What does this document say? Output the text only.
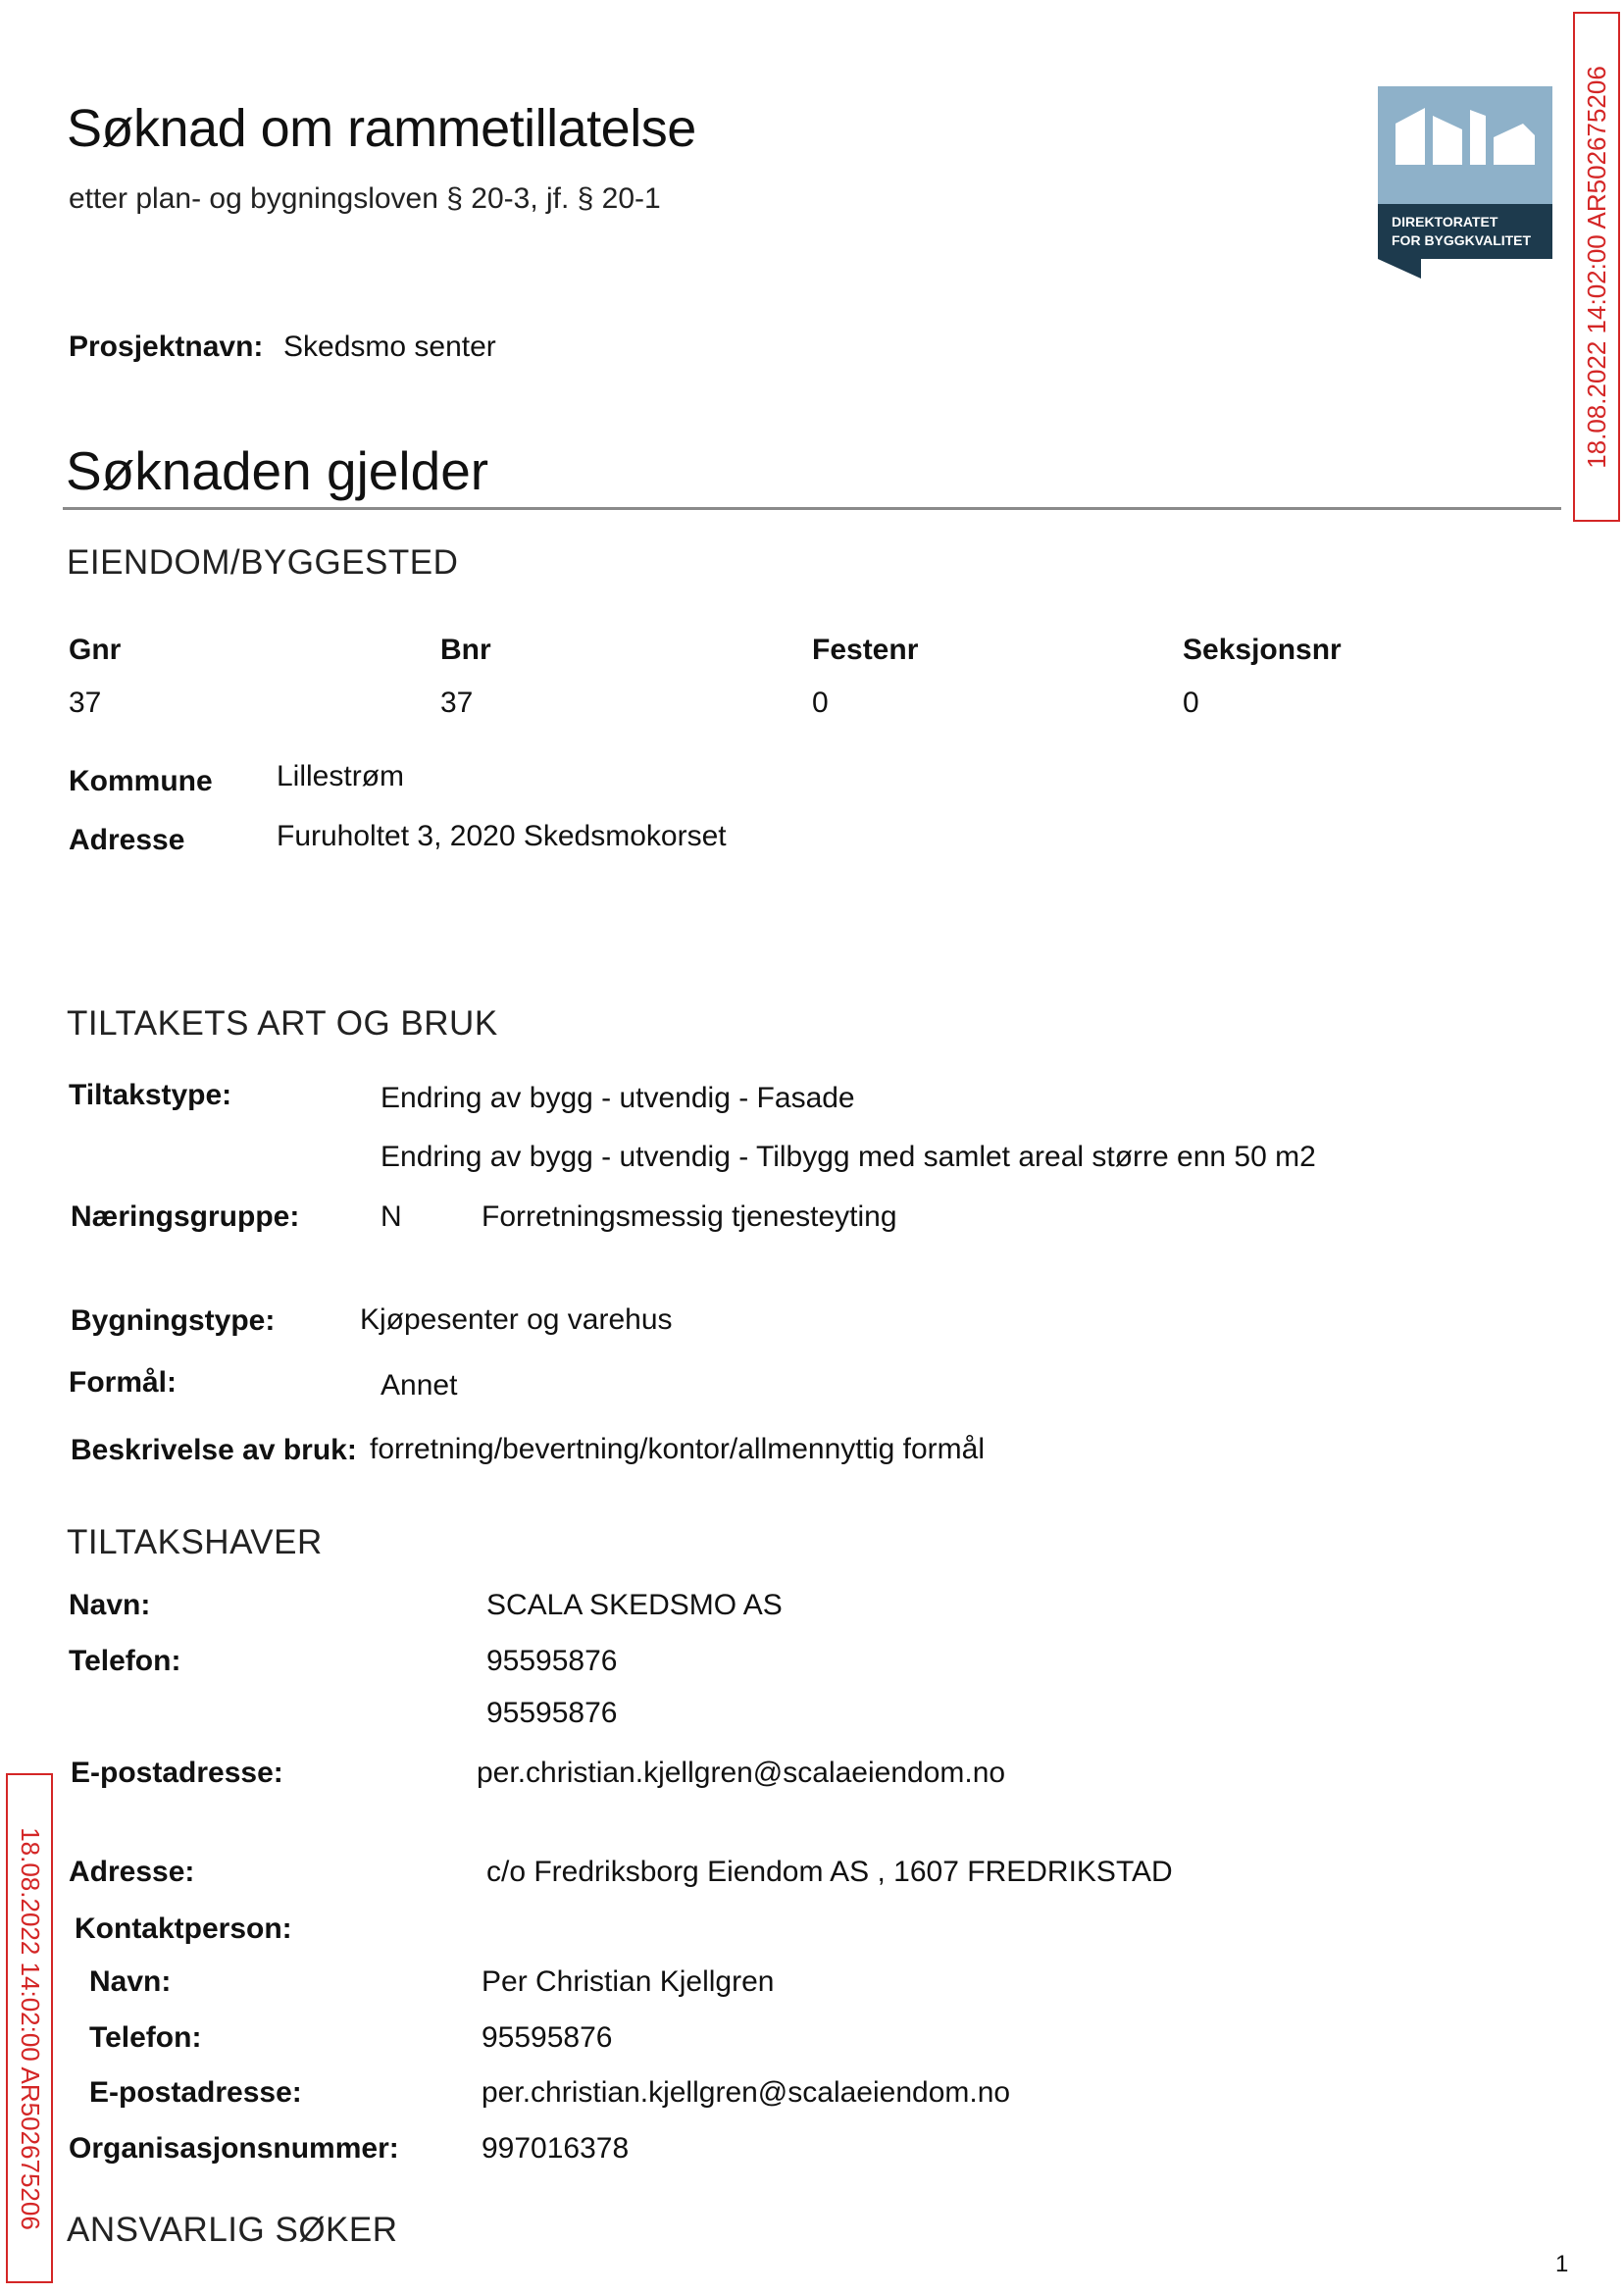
Søknad om rammetillatelse
etter plan- og bygningsloven § 20-3, jf. § 20-1
DIREKTORATET
FOR BYGGKVALITET 18.08.2022 14:02:00 AR502675206
18.08.2022 14:02:00 AR502675206
Prosjektnavn: Skedsmo senter
Søknaden gjelder
EIENDOM/BYGGESTED
Gnr	Bnr	Festenr	Seksjonsnr
37	37	0	0
Kommune Lillestrøm
Adresse	Furuholtet 3, 2020 Skedsmokorset
TILTAKETS ART OG BRUK
Tiltakstype:	Endring av bygg - utvendig - Fasade
Endring av bygg - utvendig - Tilbygg med samlet areal større enn 50 m2
Næringsgruppe:	N	Forretningsmessig tjenesteyting
Bygningstype:	Kjøpesenter og varehus
Formål:	Annet
Beskrivelse av bruk: forretning/bevertning/kontor/allmennyttig formål
TILTAKSHAVER
Navn:	SCALA SKEDSMO AS
Telefon:	95595876
95595876
E-postadresse:	per.christian.kjellgren@scalaeiendom.no
Adresse:	c/o Fredriksborg Eiendom AS , 1607 FREDRIKSTAD
Kontaktperson:
Navn:	Per Christian Kjellgren
Telefon:	95595876
E-postadresse:	per.christian.kjellgren@scalaeiendom.no
Organisasjonsnummer:	997016378
ANSVARLIG SØKER
1
